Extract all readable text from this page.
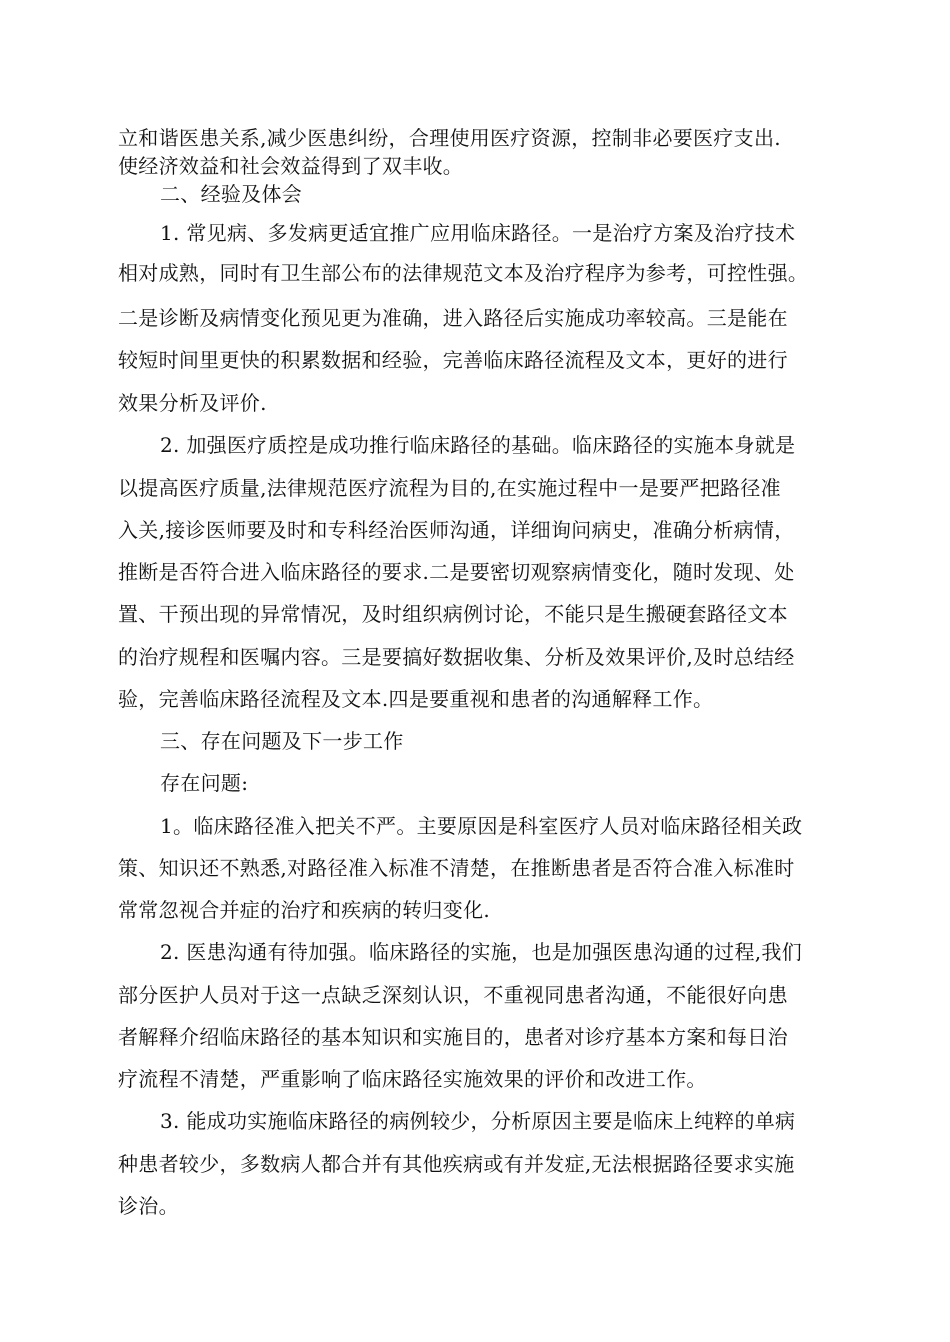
立和谐医患关系,减少医患纠纷，合理使用医疗资源，控制非必要医疗支出.
使经济效益和社会效益得到了双丰收。
二、经验及体会
1. 常见病、多发病更适宜推广应用临床路径。一是治疗方案及治疗技术
相对成熟，同时有卫生部公布的法律规范文本及治疗程序为参考，可控性强。
二是诊断及病情变化预见更为准确，进入路径后实施成功率较高。三是能在
较短时间里更快的积累数据和经验，完善临床路径流程及文本，更好的进行
效果分析及评价.
2. 加强医疗质控是成功推行临床路径的基础。临床路径的实施本身就是
以提高医疗质量,法律规范医疗流程为目的,在实施过程中一是要严把路径准
入关,接诊医师要及时和专科经治医师沟通，详细询问病史，准确分析病情，
推断是否符合进入临床路径的要求.二是要密切观察病情变化，随时发现、处
置、干预出现的异常情况，及时组织病例讨论，不能只是生搬硬套路径文本
的治疗规程和医嘱内容。三是要搞好数据收集、分析及效果评价,及时总结经
验，完善临床路径流程及文本.四是要重视和患者的沟通解释工作。
三、存在问题及下一步工作
存在问题:
1。临床路径准入把关不严。主要原因是科室医疗人员对临床路径相关政
策、知识还不熟悉,对路径准入标准不清楚，在推断患者是否符合准入标准时
常常忽视合并症的治疗和疾病的转归变化.
2. 医患沟通有待加强。临床路径的实施，也是加强医患沟通的过程,我们
部分医护人员对于这一点缺乏深刻认识，不重视同患者沟通，不能很好向患
者解释介绍临床路径的基本知识和实施目的，患者对诊疗基本方案和每日治
疗流程不清楚，严重影响了临床路径实施效果的评价和改进工作。
3. 能成功实施临床路径的病例较少，分析原因主要是临床上纯粹的单病
种患者较少，多数病人都合并有其他疾病或有并发症,无法根据路径要求实施
诊治。
